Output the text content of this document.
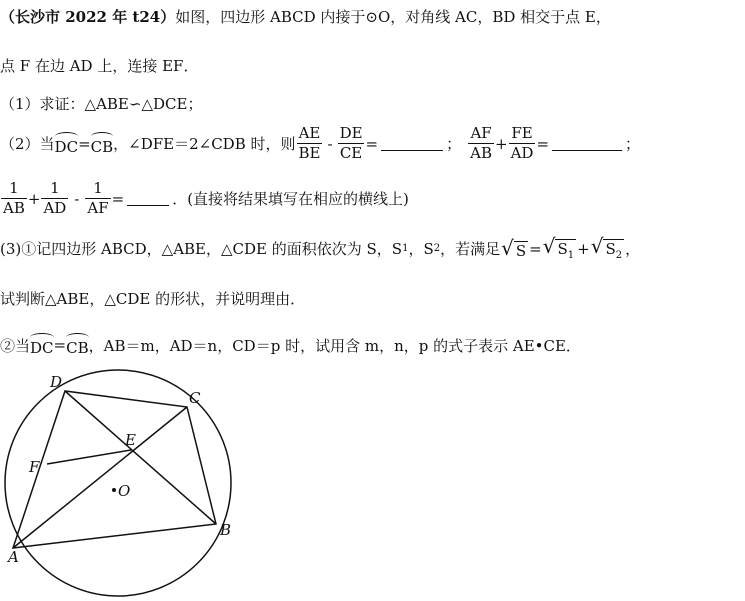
（长沙市 2022 年 t24） 如图，四边形 ABCD 内接于⊙O，对角线 AC，BD 相交于点 E，
点 F 在边 AD 上，连接 EF．
（1）求证：△ABE∽△DCE；
（2）当 DC = CB ，∠DFE＝2∠CDB 时，则 $\frac{AE}{BE} - \frac{DE}{CE}$ =	； $\frac{AF}{AB} + \frac{FE}{AD}$ =	；
$\frac{1}{AB} + \frac{1}{AD} - \frac{1}{AF}$ =	．(直接将结果填写在相应的横线上)
(3)①记四边形 ABCD，△ABE，△CDE 的面积依次为 S，S 1 ，S 2 ，若满足 √ S = √ $S_1$ + √ $S_2$ ，
试判断△ABE，△CDE 的形状，并说明理由．
②当 DC = CB ，AB＝m，AD＝n，CD＝p 时，试用含 m，n，p 的式子表示 AE•CE．
A
B
C
D
E
F
O
